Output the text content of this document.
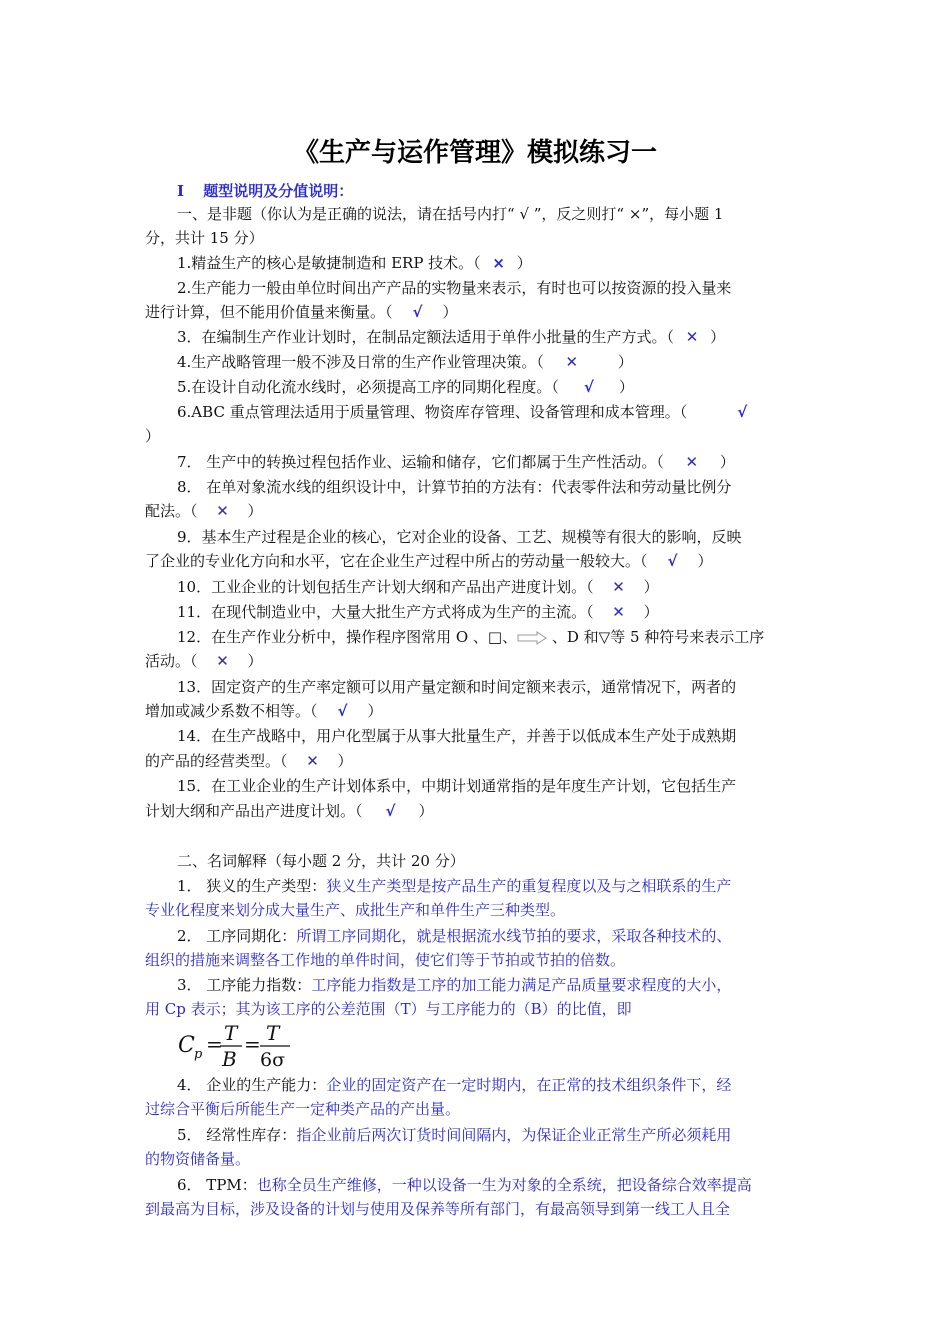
《生产与运作管理》模拟练习一
I 题型说明及分值说明：
一、是非题（你认为是正确的说法，请在括号内打“ √ ”，反之则打“ ×”，每小题 1
分，共计 15 分）
1.精益生产的核心是敏捷制造和 ERP 技术。（ × ）
2.生产能力一般由单位时间出产产品的实物量来表示，有时也可以按资源的投入量来
进行计算，但不能用价值量来衡量。（ √ ）
3．在编制生产作业计划时，在制品定额法适用于单件小批量的生产方式。（ ✕ ）
4.生产战略管理一般不涉及日常的生产作业管理决策。（ ✕	）
5.在设计自动化流水线时，必须提高工序的同期化程度。（ √ ）
6.ABC 重点管理法适用于质量管理、物资库存管理、设备管理和成本管理。（	√
）
7． 生产中的转换过程包括作业、运输和储存，它们都属于生产性活动。（ ✕ ）
8． 在单对象流水线的组织设计中，计算节拍的方法有：代表零件法和劳动量比例分
配法。（ ✕ ）
9．基本生产过程是企业的核心，它对企业的设备、工艺、规模等有很大的影响，反映
了企业的专业化方向和水平，它在企业生产过程中所占的劳动量一般较大。（ √ ）
10．工业企业的计划包括生产计划大纲和产品出产进度计划。（ ✕ ）
11．在现代制造业中，大量大批生产方式将成为生产的主流。（ ✕ ）
12．在生产作业分析中，操作程序图常用 O 、□、 、D 和▽等 5 种符号来表示工序
活动。（ ✕ ）
13．固定资产的生产率定额可以用产量定额和时间定额来表示，通常情况下，两者的
增加或减少系数不相等。（ √ ）
14．在生产战略中，用户化型属于从事大批量生产，并善于以低成本生产处于成熟期
的产品的经营类型。（ ✕ ）
15．在工业企业的生产计划体系中，中期计划通常指的是年度生产计划，它包括生产
计划大纲和产品出产进度计划。（ √ ）
二、名词解释（每小题 2 分，共计 20 分）
1． 狭义的生产类型：狭义生产类型是按产品生产的重复程度以及与之相联系的生产
专业化程度来划分成大量生产、成批生产和单件生产三种类型。
2． 工序同期化：所谓工序同期化，就是根据流水线节拍的要求，采取各种技术的、
组织的措施来调整各工作地的单件时间，使它们等于节拍或节拍的倍数。
3． 工序能力指数：工序能力指数是工序的加工能力满足产品质量要求程度的大小，
用 Cp 表示；其为该工序的公差范围（T）与工序能力的（B）的比值，即
C p = T
B
= T
6σ
4． 企业的生产能力：企业的固定资产在一定时期内，在正常的技术组织条件下，经
过综合平衡后所能生产一定种类产品的产出量。
5． 经常性库存：指企业前后两次订货时间间隔内，为保证企业正常生产所必须耗用
的物资储备量。
6． TPM：也称全员生产维修，一种以设备一生为对象的全系统，把设备综合效率提高
到最高为目标，涉及设备的计划与使用及保养等所有部门，有最高领导到第一线工人且全
